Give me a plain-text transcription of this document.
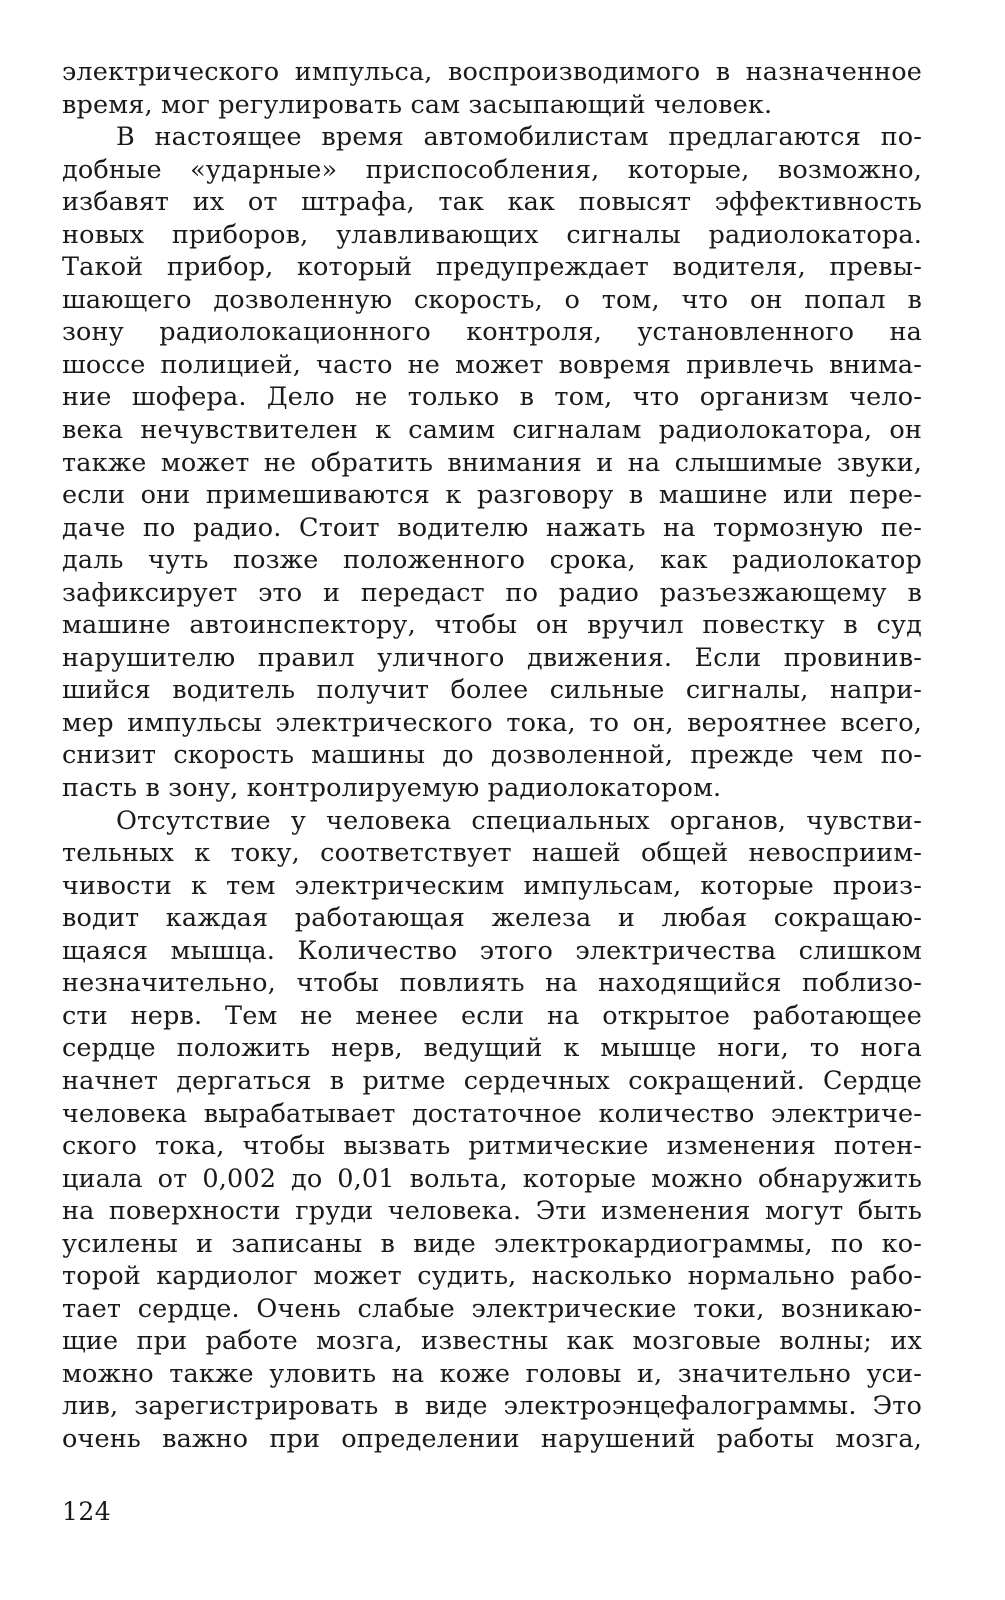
электрического импульса, воспроизводимого в назначенное
время, мог регулировать сам засыпающий человек.
В настоящее время автомобилистам предлагаются по-
добные «ударные» приспособления, которые, возможно,
избавят их от штрафа, так как повысят эффективность
новых приборов, улавливающих сигналы радиолокатора.
Такой прибор, который предупреждает водителя, превы-
шающего дозволенную скорость, о том, что он попал в
зону радиолокационного контроля, установленного на
шоссе полицией, часто не может вовремя привлечь внима-
ние шофера. Дело не только в том, что организм чело-
века нечувствителен к самим сигналам радиолокатора, он
также может не обратить внимания и на слышимые звуки,
если они примешиваются к разговору в машине или пере-
даче по радио. Стоит водителю нажать на тормозную пе-
даль чуть позже положенного срока, как радиолокатор
зафиксирует это и передаст по радио разъезжающему в
машине автоинспектору, чтобы он вручил повестку в суд
нарушителю правил уличного движения. Если провинив-
шийся водитель получит более сильные сигналы, напри-
мер импульсы электрического тока, то он, вероятнее всего,
снизит скорость машины до дозволенной, прежде чем по-
пасть в зону, контролируемую радиолокатором.
Отсутствие у человека специальных органов, чувстви-
тельных к току, соответствует нашей общей невосприим-
чивости к тем электрическим импульсам, которые произ-
водит каждая работающая железа и любая сокращаю-
щаяся мышца. Количество этого электричества слишком
незначительно, чтобы повлиять на находящийся поблизо-
сти нерв. Тем не менее если на открытое работающее
сердце положить нерв, ведущий к мышце ноги, то нога
начнет дергаться в ритме сердечных сокращений. Сердце
человека вырабатывает достаточное количество электриче-
ского тока, чтобы вызвать ритмические изменения потен-
циала от 0,002 до 0,01 вольта, которые можно обнаружить
на поверхности груди человека. Эти изменения могут быть
усилены и записаны в виде электрокардиограммы, по ко-
торой кардиолог может судить, насколько нормально рабо-
тает сердце. Очень слабые электрические токи, возникаю-
щие при работе мозга, известны как мозговые волны; их
можно также уловить на коже головы и, значительно уси-
лив, зарегистрировать в виде электроэнцефалограммы. Это
очень важно при определении нарушений работы мозга,
124
